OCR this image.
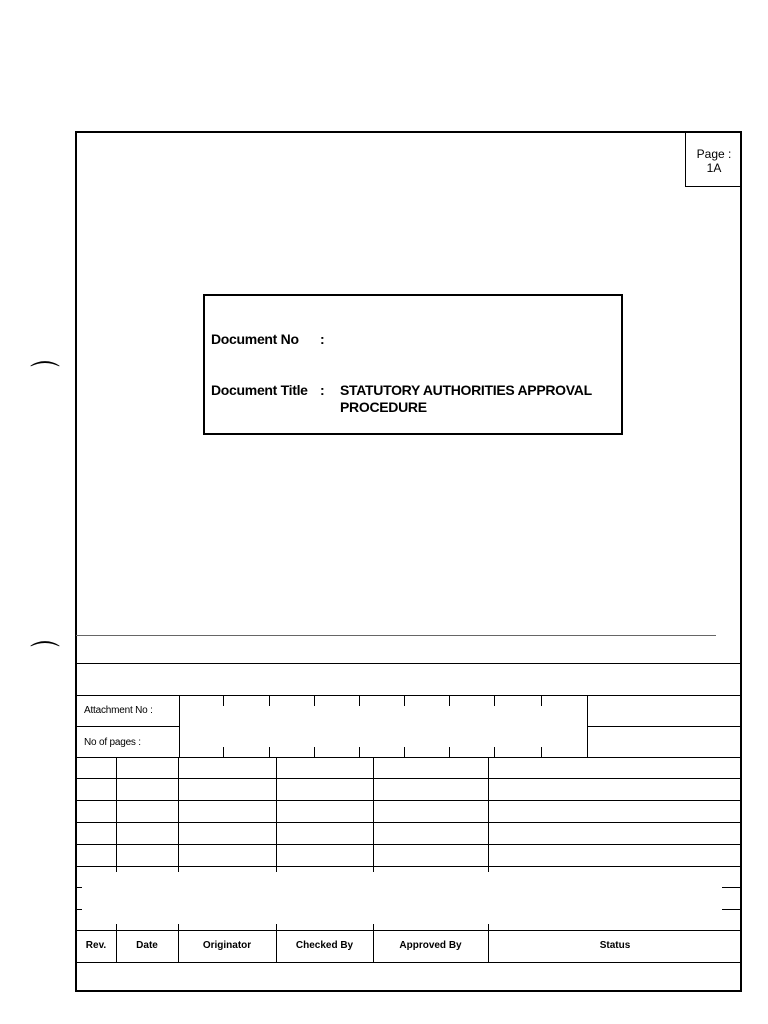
⌒
⌒
Page :
1A
Document No :
Document Title : STATUTORY AUTHORITIES APPROVAL
PROCEDURE
Attachment No :
No of pages :
Rev.	Date	Originator	Checked By	Approved By	Status
